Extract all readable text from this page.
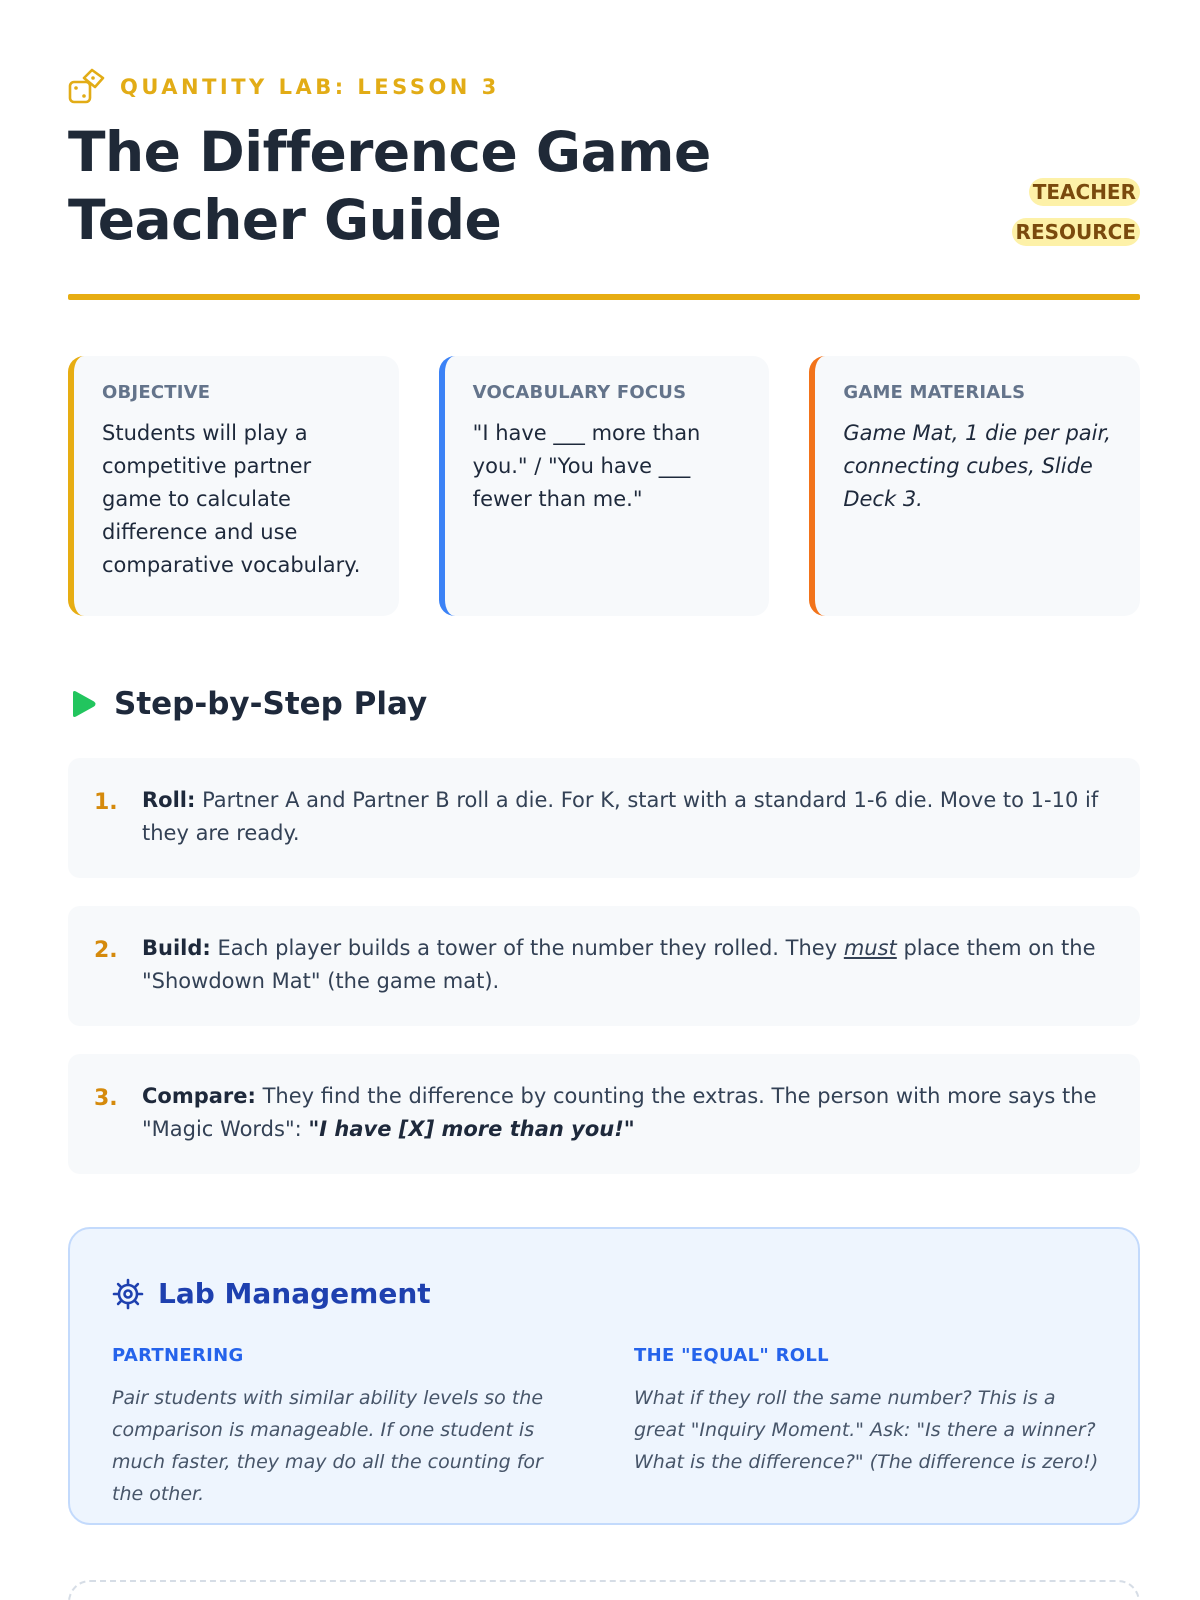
QUANTITY LAB: LESSON 3
The Difference Game
Teacher Guide	TEACHER
RESOURCE
OBJECTIVE
Students will play a competitive partner game to calculate difference and use comparative vocabulary.
VOCABULARY FOCUS
"I have ___ more than you." / "You have ___ fewer than me."
GAME MATERIALS
Game Mat, 1 die per pair, connecting cubes, Slide Deck 3.
Step-by-Step Play
1.	Roll: Partner A and Partner B roll a die. For K, start with a standard 1-6 die. Move to 1-10 if they are ready.
2.	Build: Each player builds a tower of the number they rolled. They must place them on the "Showdown Mat" (the game mat).
3.	Compare: They find the difference by counting the extras. The person with more says the "Magic Words": "I have [X] more than you!"
Lab Management
PARTNERING
Pair students with similar ability levels so the comparison is manageable. If one student is much faster, they may do all the counting for the other.
THE "EQUAL" ROLL
What if they roll the same number? This is a great "Inquiry Moment." Ask: "Is there a winner? What is the difference?" (The difference is zero!)
